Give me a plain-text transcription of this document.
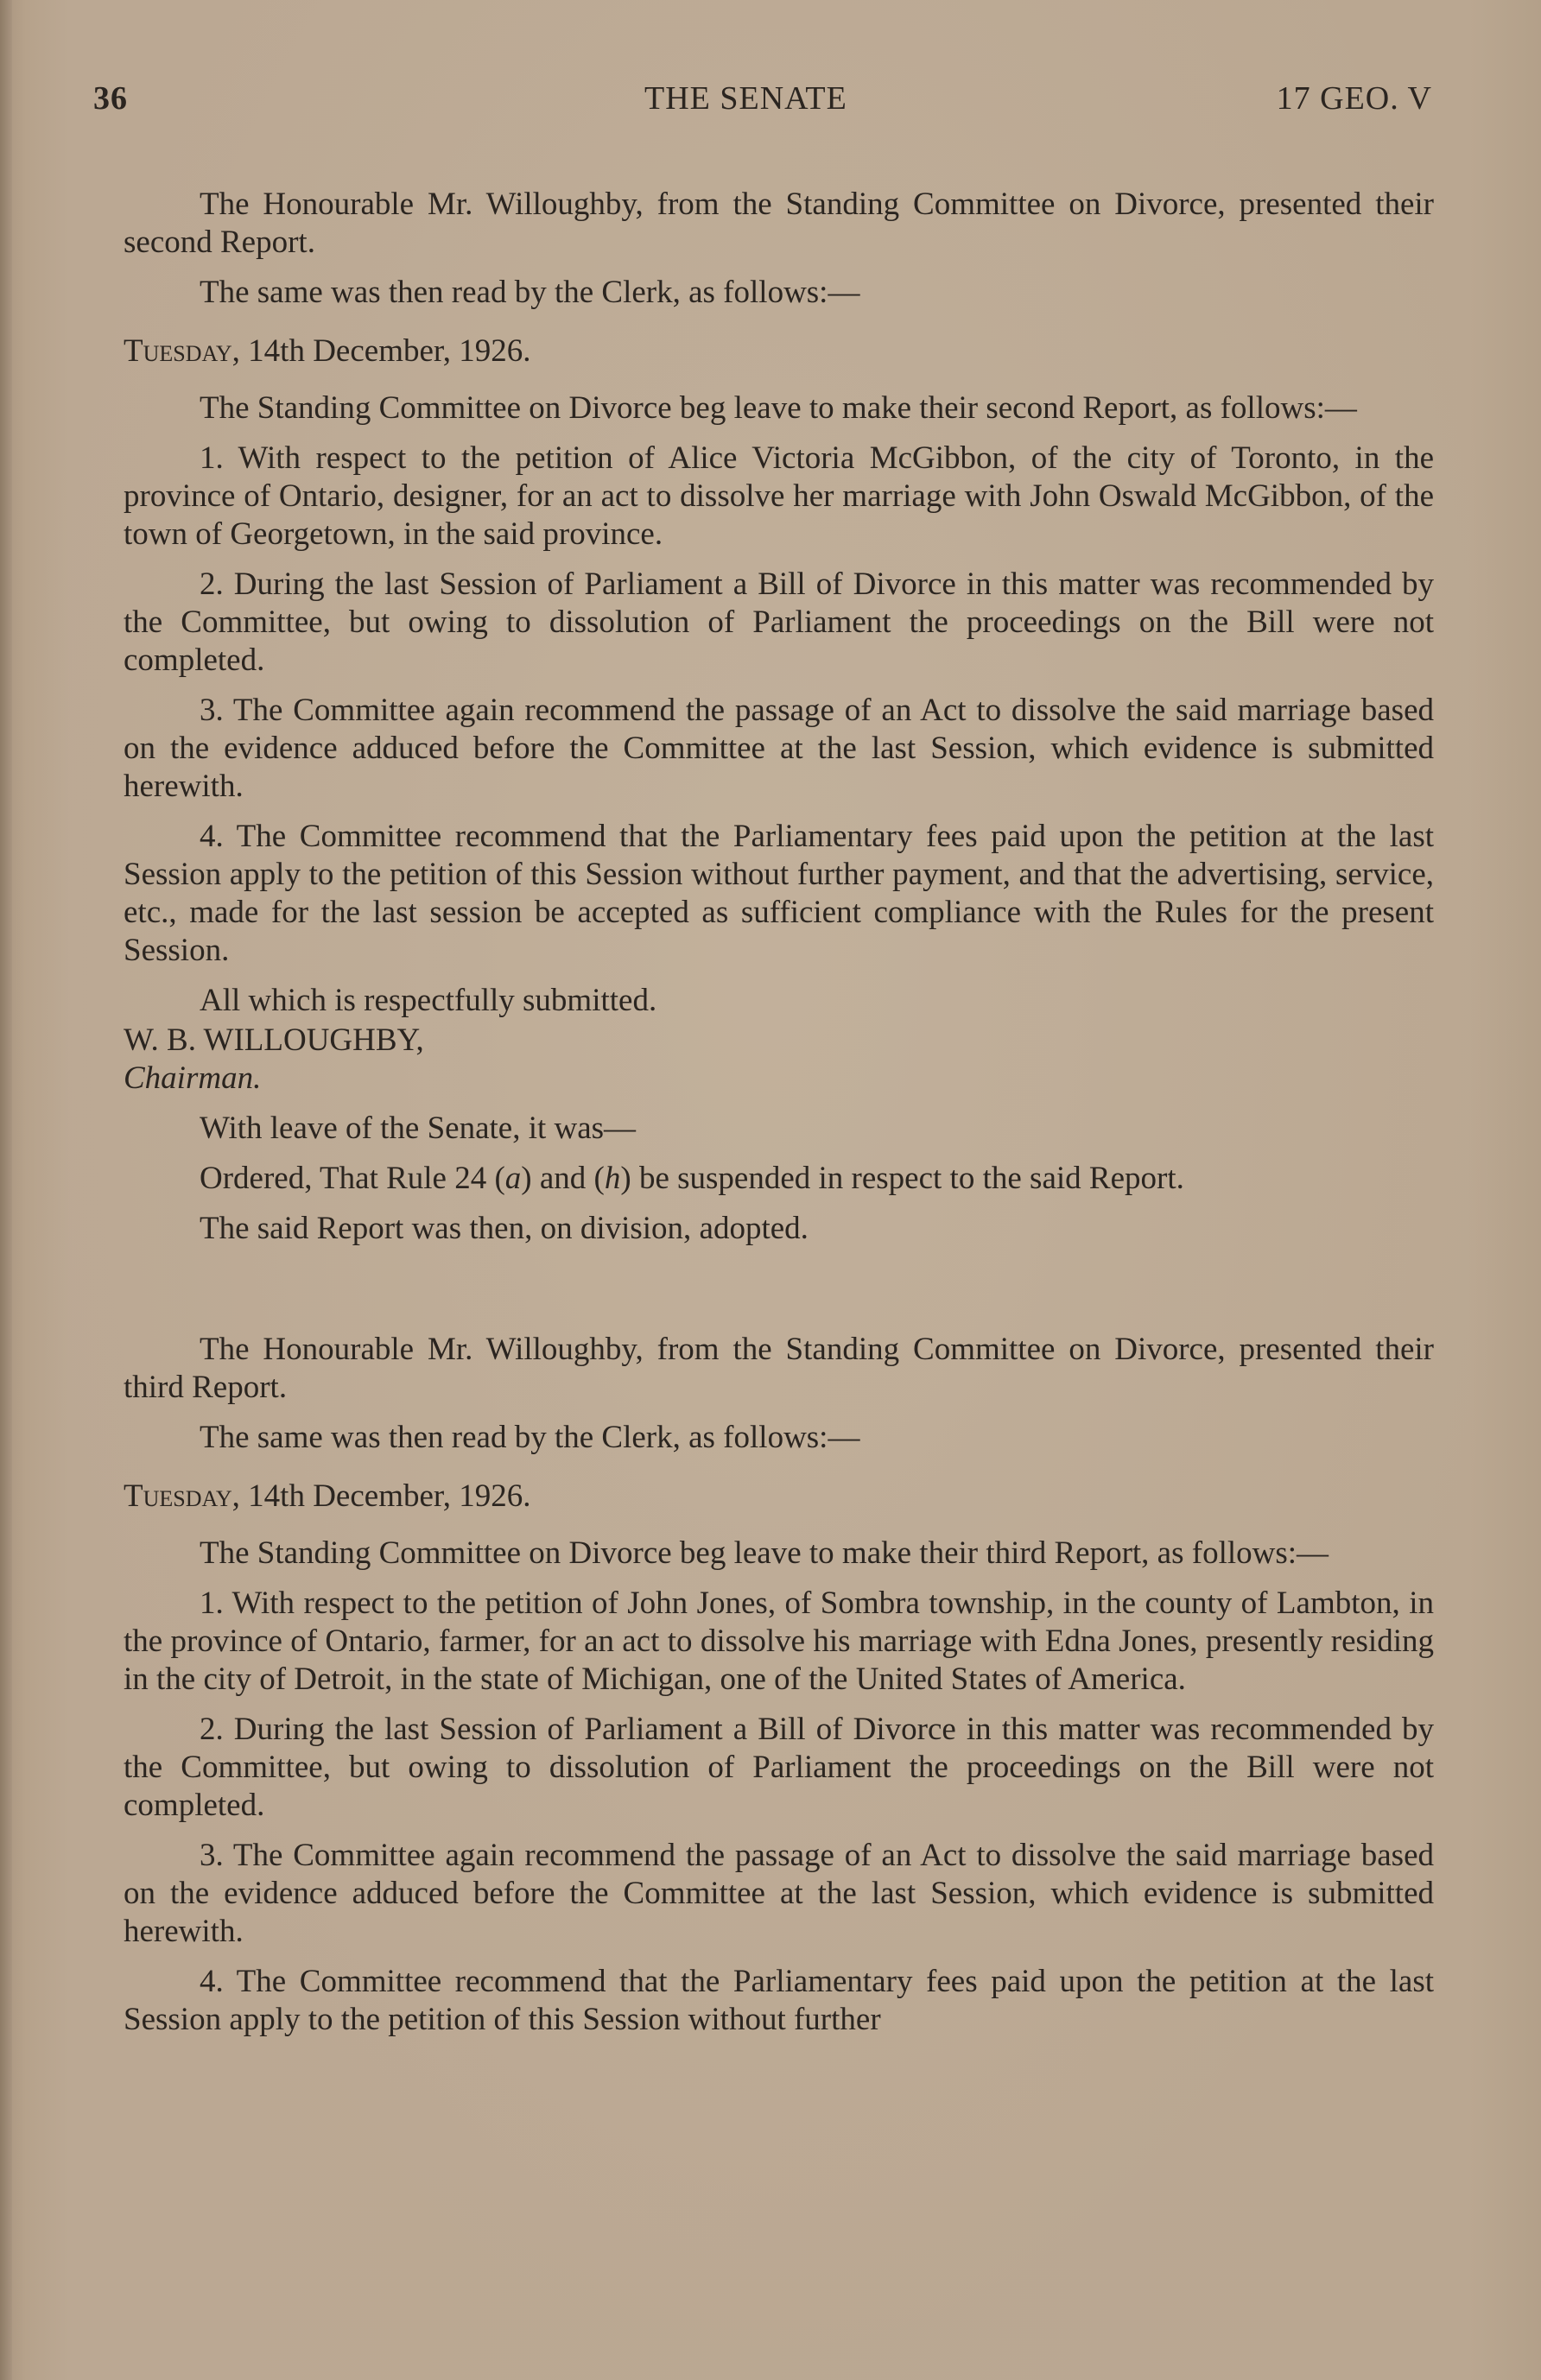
36	THE SENATE	17 GEO. V

The Honourable Mr. Willoughby, from the Standing Committee on Divorce, presented their second Report.

The same was then read by the Clerk, as follows:—

Tuesday, 14th December, 1926.

The Standing Committee on Divorce beg leave to make their second Report, as follows:—

1. With respect to the petition of Alice Victoria McGibbon, of the city of Toronto, in the province of Ontario, designer, for an act to dissolve her marriage with John Oswald McGibbon, of the town of Georgetown, in the said province.

2. During the last Session of Parliament a Bill of Divorce in this matter was recommended by the Committee, but owing to dissolution of Parliament the proceedings on the Bill were not completed.

3. The Committee again recommend the passage of an Act to dissolve the said marriage based on the evidence adduced before the Committee at the last Session, which evidence is submitted herewith.

4. The Committee recommend that the Parliamentary fees paid upon the petition at the last Session apply to the petition of this Session without further payment, and that the advertising, service, etc., made for the last session be accepted as sufficient compliance with the Rules for the present Session.

All which is respectfully submitted.

W. B. WILLOUGHBY,

Chairman.

With leave of the Senate, it was—

Ordered, That Rule 24 (a) and (h) be suspended in respect to the said Report.

The said Report was then, on division, adopted.

The Honourable Mr. Willoughby, from the Standing Committee on Divorce, presented their third Report.

The same was then read by the Clerk, as follows:—

Tuesday, 14th December, 1926.

The Standing Committee on Divorce beg leave to make their third Report, as follows:—

1. With respect to the petition of John Jones, of Sombra township, in the county of Lambton, in the province of Ontario, farmer, for an act to dissolve his marriage with Edna Jones, presently residing in the city of Detroit, in the state of Michigan, one of the United States of America.

2. During the last Session of Parliament a Bill of Divorce in this matter was recommended by the Committee, but owing to dissolution of Parliament the proceedings on the Bill were not completed.

3. The Committee again recommend the passage of an Act to dissolve the said marriage based on the evidence adduced before the Committee at the last Session, which evidence is submitted herewith.

4. The Committee recommend that the Parliamentary fees paid upon the petition at the last Session apply to the petition of this Session without further
